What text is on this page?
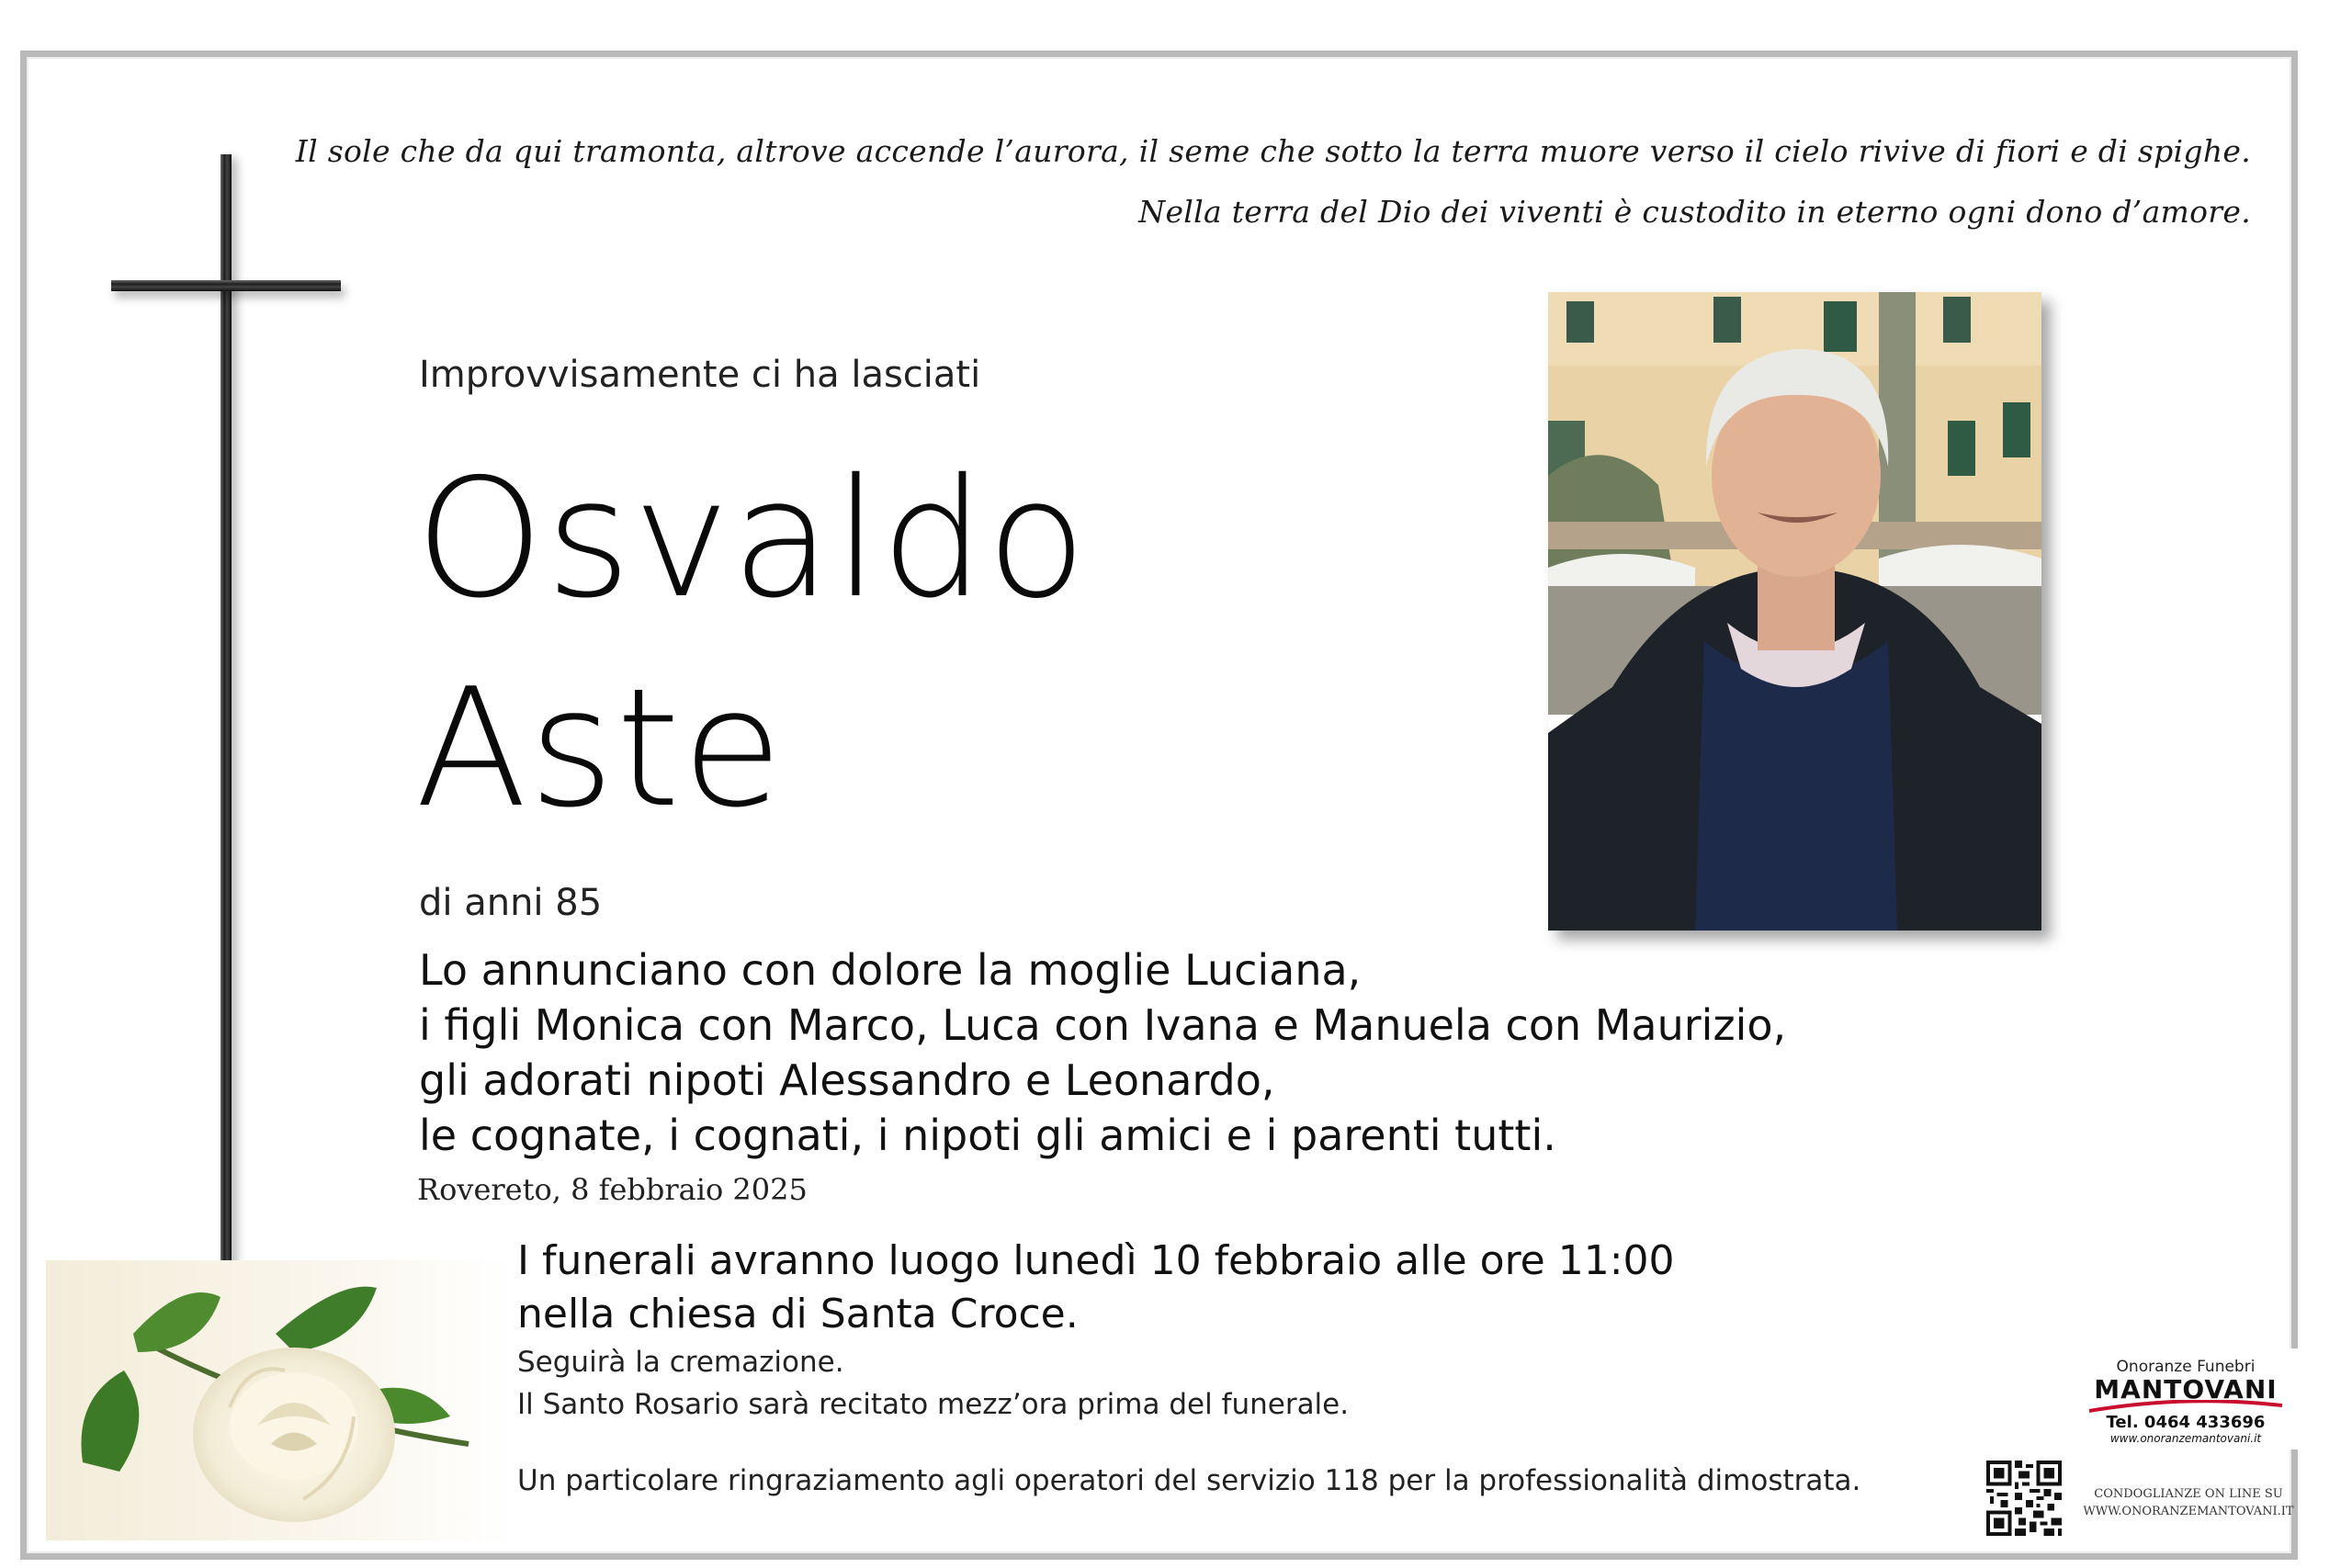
Il sole che da qui tramonta, altrove accende l’aurora, il seme che sotto la terra muore verso il cielo rivive di fiori e di spighe.
Nella terra del Dio dei viventi è custodito in eterno ogni dono d’amore.
Improvvisamente ci ha lasciati
Osvaldo
Aste
di anni 85
Lo annunciano con dolore la moglie Luciana,
i figli Monica con Marco, Luca con Ivana e Manuela con Maurizio,
gli adorati nipoti Alessandro e Leonardo,
le cognate, i cognati, i nipoti gli amici e i parenti tutti.
Rovereto, 8 febbraio 2025
I funerali avranno luogo lunedì 10 febbraio alle ore 11:00
nella chiesa di Santa Croce.
Seguirà la cremazione.
Il Santo Rosario sarà recitato mezz’ora prima del funerale.
Un particolare ringraziamento agli operatori del servizio 118 per la professionalità dimostrata.
Onoranze Funebri
MANTOVANI
Tel. 0464 433696
www.onoranzemantovani.it
CONDOGLIANZE ON LINE SU
WWW.ONORANZEMANTOVANI.IT
